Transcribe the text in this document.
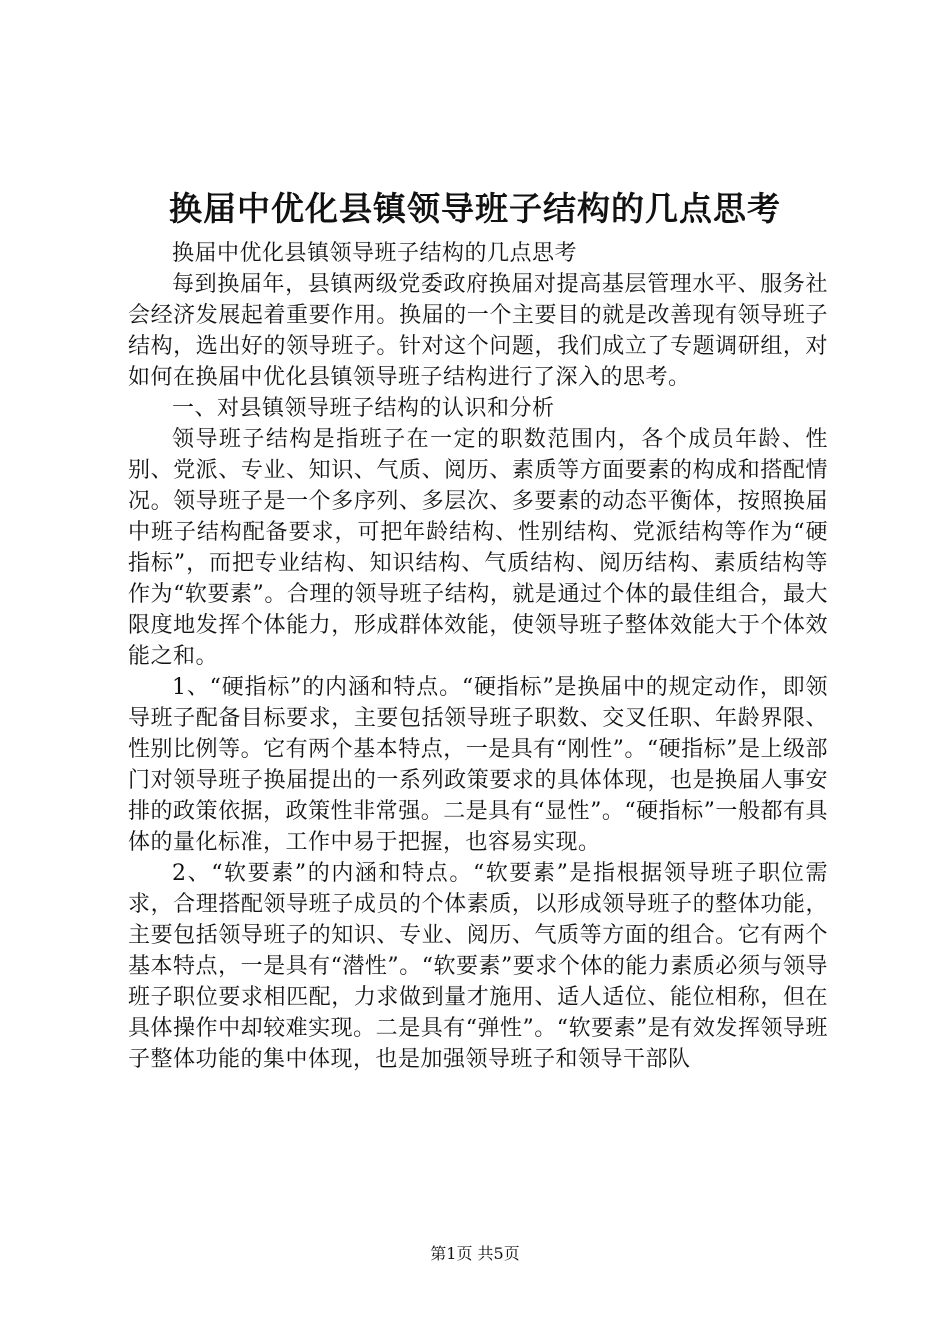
换届中优化县镇领导班子结构的几点思考

换届中优化县镇领导班子结构的几点思考

每到换届年，县镇两级党委政府换届对提高基层管理水平、服务社会经济发展起着重要作用。换届的一个主要目的就是改善现有领导班子结构，选出好的领导班子。针对这个问题，我们成立了专题调研组，对如何在换届中优化县镇领导班子结构进行了深入的思考。

一、对县镇领导班子结构的认识和分析

领导班子结构是指班子在一定的职数范围内，各个成员年龄、性别、党派、专业、知识、气质、阅历、素质等方面要素的构成和搭配情况。领导班子是一个多序列、多层次、多要素的动态平衡体，按照换届中班子结构配备要求，可把年龄结构、性别结构、党派结构等作为“硬指标”，而把专业结构、知识结构、气质结构、阅历结构、素质结构等作为“软要素”。合理的领导班子结构，就是通过个体的最佳组合，最大限度地发挥个体能力，形成群体效能，使领导班子整体效能大于个体效能之和。

1、“硬指标”的内涵和特点。“硬指标”是换届中的规定动作，即领导班子配备目标要求，主要包括领导班子职数、交叉任职、年龄界限、性别比例等。它有两个基本特点，一是具有“刚性”。“硬指标”是上级部门对领导班子换届提出的一系列政策要求的具体体现，也是换届人事安排的政策依据，政策性非常强。二是具有“显性”。“硬指标”一般都有具体的量化标准，工作中易于把握，也容易实现。

2、“软要素”的内涵和特点。“软要素”是指根据领导班子职位需求，合理搭配领导班子成员的个体素质，以形成领导班子的整体功能，主要包括领导班子的知识、专业、阅历、气质等方面的组合。它有两个基本特点，一是具有“潜性”。“软要素”要求个体的能力素质必须与领导班子职位要求相匹配，力求做到量才施用、适人适位、能位相称，但在具体操作中却较难实现。二是具有“弹性”。“软要素”是有效发挥领导班子整体功能的集中体现，也是加强领导班子和领导干部队

第1页 共5页
